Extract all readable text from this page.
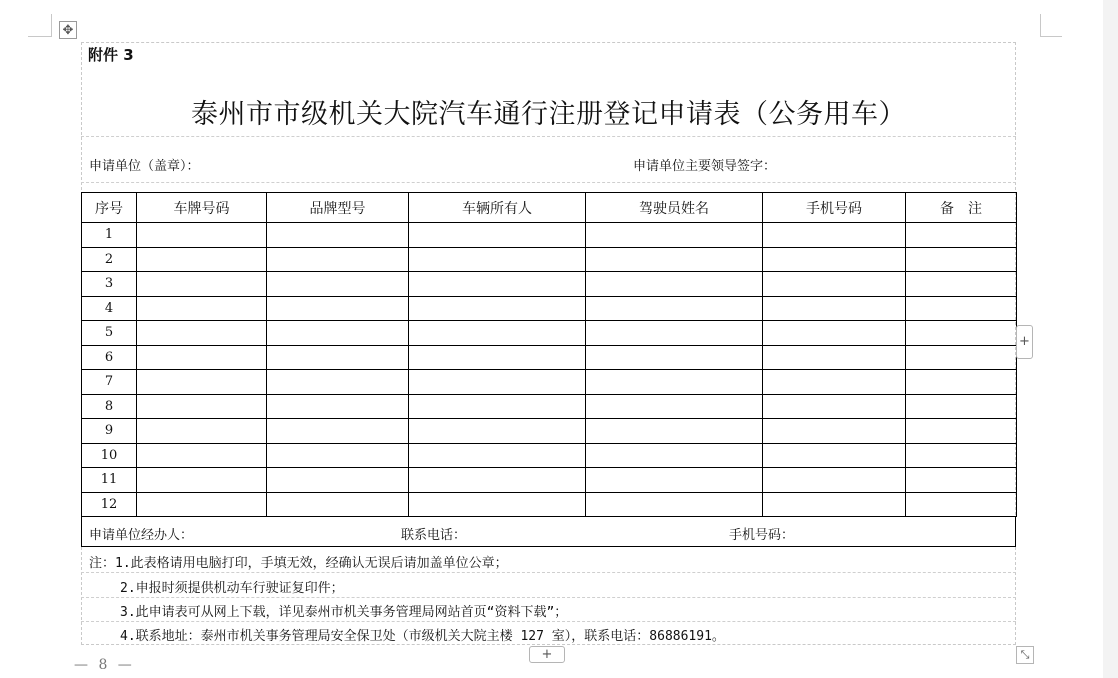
✥
附件 3
泰州市市级机关大院汽车通行注册登记申请表（公务用车）
申请单位（盖章）：	申请单位主要领导签字：
序号	车牌号码	品牌型号	车辆所有人	驾驶员姓名	手机号码	备　注
1						
2						
3						
4						
5						
6						
7						
8						
9						
10						
11						
12						
申请单位经办人：	联系电话：	手机号码：
注：1.此表格请用电脑打印，手填无效，经确认无误后请加盖单位公章；
2.申报时须提供机动车行驶证复印件；
3.此申请表可从网上下载，详见泰州市机关事务管理局网站首页“资料下载”；
4.联系地址：泰州市机关事务管理局安全保卫处（市级机关大院主楼 127 室），联系电话：86886191。
+
+	⤡
— 8 —
